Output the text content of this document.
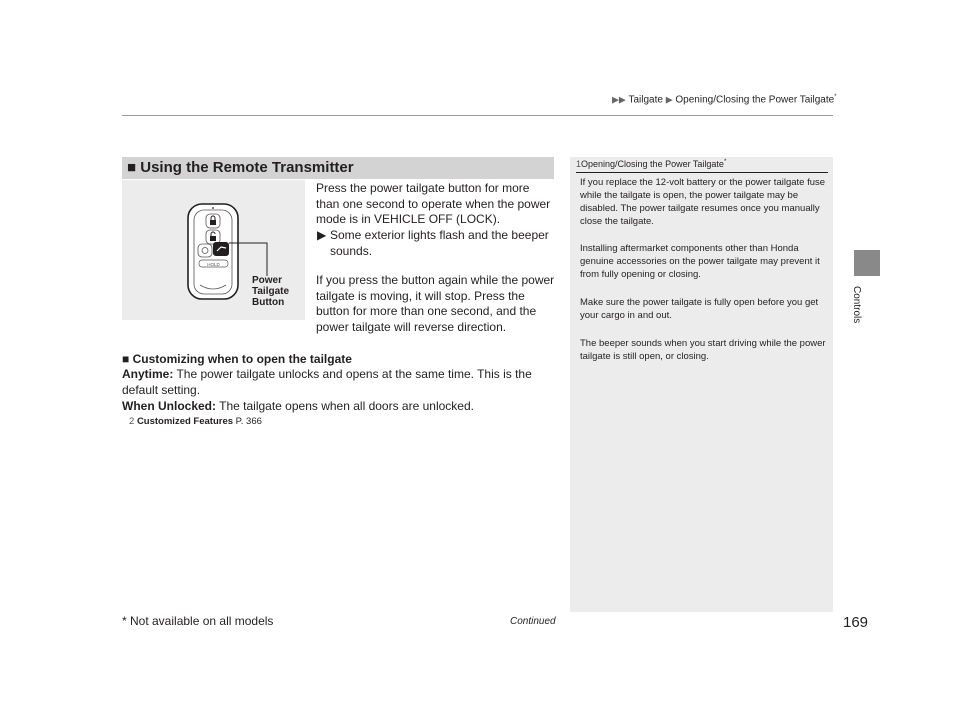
▶▶ Tailgate ▶ Opening/Closing the Power Tailgate*
Controls
■ Using the Remote Transmitter
HOLD
Power
Tailgate
Button
Press the power tailgate button for more than one second to operate when the power mode is in VEHICLE OFF (LOCK).
▶ Some exterior lights flash and the beeper sounds.
If you press the button again while the power tailgate is moving, it will stop. Press the button for more than one second, and the power tailgate will reverse direction.
■ Customizing when to open the tailgate
Anytime: The power tailgate unlocks and opens at the same time. This is the default setting.
When Unlocked: The tailgate opens when all doors are unlocked.
2 Customized Features P. 366
1Opening/Closing the Power Tailgate*
If you replace the 12-volt battery or the power tailgate fuse while the tailgate is open, the power tailgate may be disabled. The power tailgate resumes once you manually close the tailgate.
Installing aftermarket components other than Honda genuine accessories on the power tailgate may prevent it from fully opening or closing.
Make sure the power tailgate is fully open before you get your cargo in and out.
The beeper sounds when you start driving while the power tailgate is still open, or closing.
* Not available on all models	Continued	169
